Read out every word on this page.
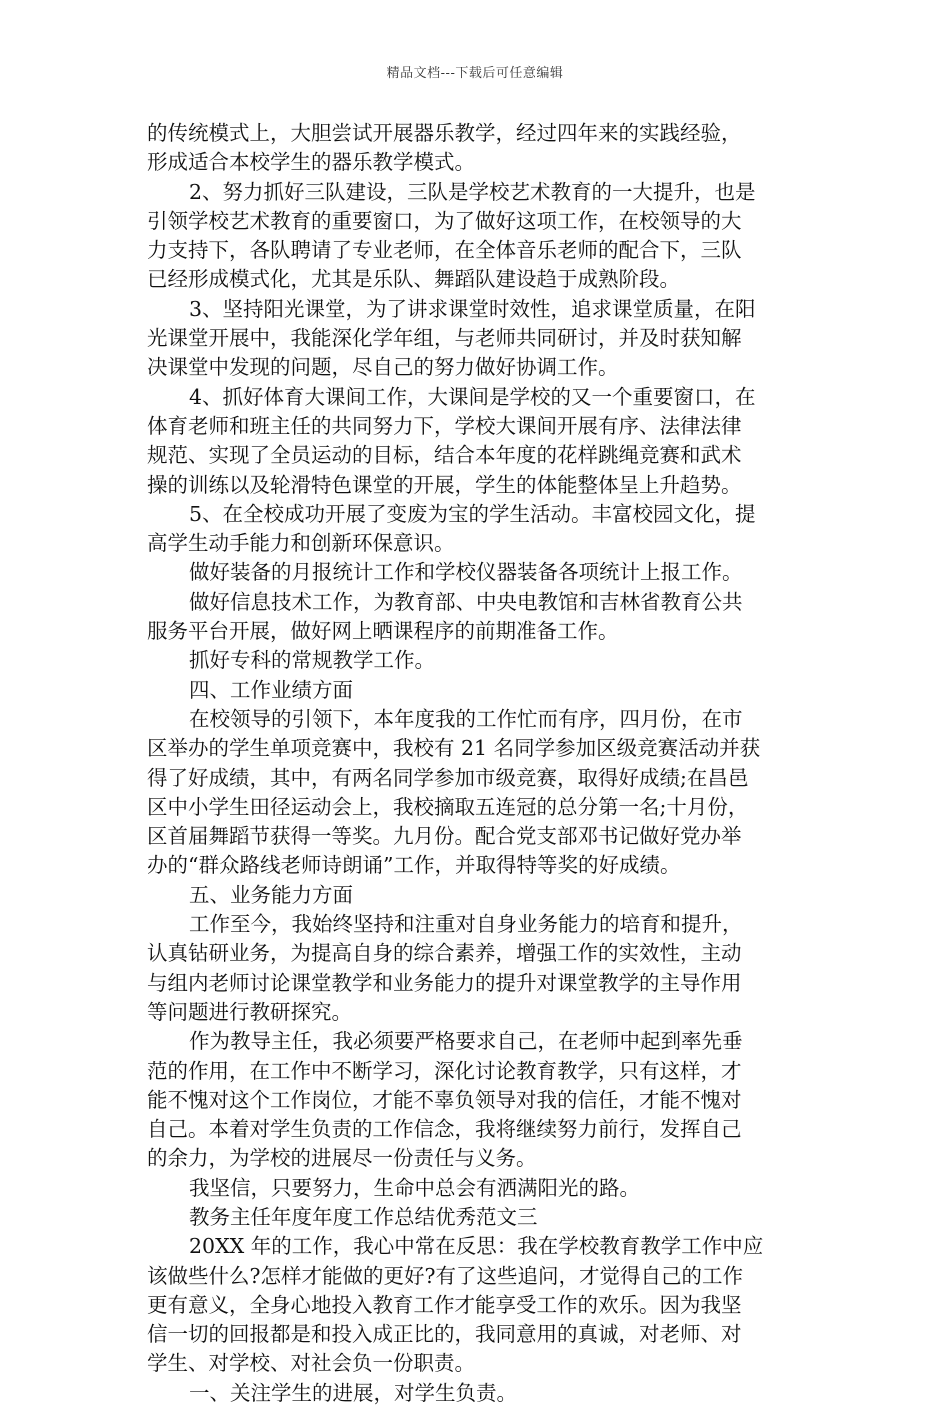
精品文档---下载后可任意编辑
的传统模式上，大胆尝试开展器乐教学，经过四年来的实践经验，
形成适合本校学生的器乐教学模式。
2、努力抓好三队建设，三队是学校艺术教育的一大提升，也是
引领学校艺术教育的重要窗口，为了做好这项工作，在校领导的大
力支持下，各队聘请了专业老师，在全体音乐老师的配合下，三队
已经形成模式化，尤其是乐队、舞蹈队建设趋于成熟阶段。
3、坚持阳光课堂，为了讲求课堂时效性，追求课堂质量，在阳
光课堂开展中，我能深化学年组，与老师共同研讨，并及时获知解
决课堂中发现的问题，尽自己的努力做好协调工作。
4、抓好体育大课间工作，大课间是学校的又一个重要窗口，在
体育老师和班主任的共同努力下，学校大课间开展有序、法律法律
规范、实现了全员运动的目标，结合本年度的花样跳绳竞赛和武术
操的训练以及轮滑特色课堂的开展，学生的体能整体呈上升趋势。
5、在全校成功开展了变废为宝的学生活动。丰富校园文化，提
高学生动手能力和创新环保意识。
做好装备的月报统计工作和学校仪器装备各项统计上报工作。
做好信息技术工作，为教育部、中央电教馆和吉林省教育公共
服务平台开展，做好网上晒课程序的前期准备工作。
抓好专科的常规教学工作。
四、工作业绩方面
在校领导的引领下，本年度我的工作忙而有序，四月份，在市
区举办的学生单项竞赛中，我校有 21 名同学参加区级竞赛活动并获
得了好成绩，其中，有两名同学参加市级竞赛，取得好成绩;在昌邑
区中小学生田径运动会上，我校摘取五连冠的总分第一名;十月份，
区首届舞蹈节获得一等奖。九月份。配合党支部邓书记做好党办举
办的“群众路线老师诗朗诵”工作，并取得特等奖的好成绩。
五、业务能力方面
工作至今，我始终坚持和注重对自身业务能力的培育和提升，
认真钻研业务，为提高自身的综合素养，增强工作的实效性，主动
与组内老师讨论课堂教学和业务能力的提升对课堂教学的主导作用
等问题进行教研探究。
作为教导主任，我必须要严格要求自己，在老师中起到率先垂
范的作用，在工作中不断学习，深化讨论教育教学，只有这样，才
能不愧对这个工作岗位，才能不辜负领导对我的信任，才能不愧对
自己。本着对学生负责的工作信念，我将继续努力前行，发挥自己
的余力，为学校的进展尽一份责任与义务。
我坚信，只要努力，生命中总会有洒满阳光的路。
教务主任年度年度工作总结优秀范文三
20XX 年的工作，我心中常在反思：我在学校教育教学工作中应
该做些什么?怎样才能做的更好?有了这些追问，才觉得自己的工作
更有意义，全身心地投入教育工作才能享受工作的欢乐。因为我坚
信一切的回报都是和投入成正比的，我同意用的真诚，对老师、对
学生、对学校、对社会负一份职责。
一、关注学生的进展，对学生负责。
